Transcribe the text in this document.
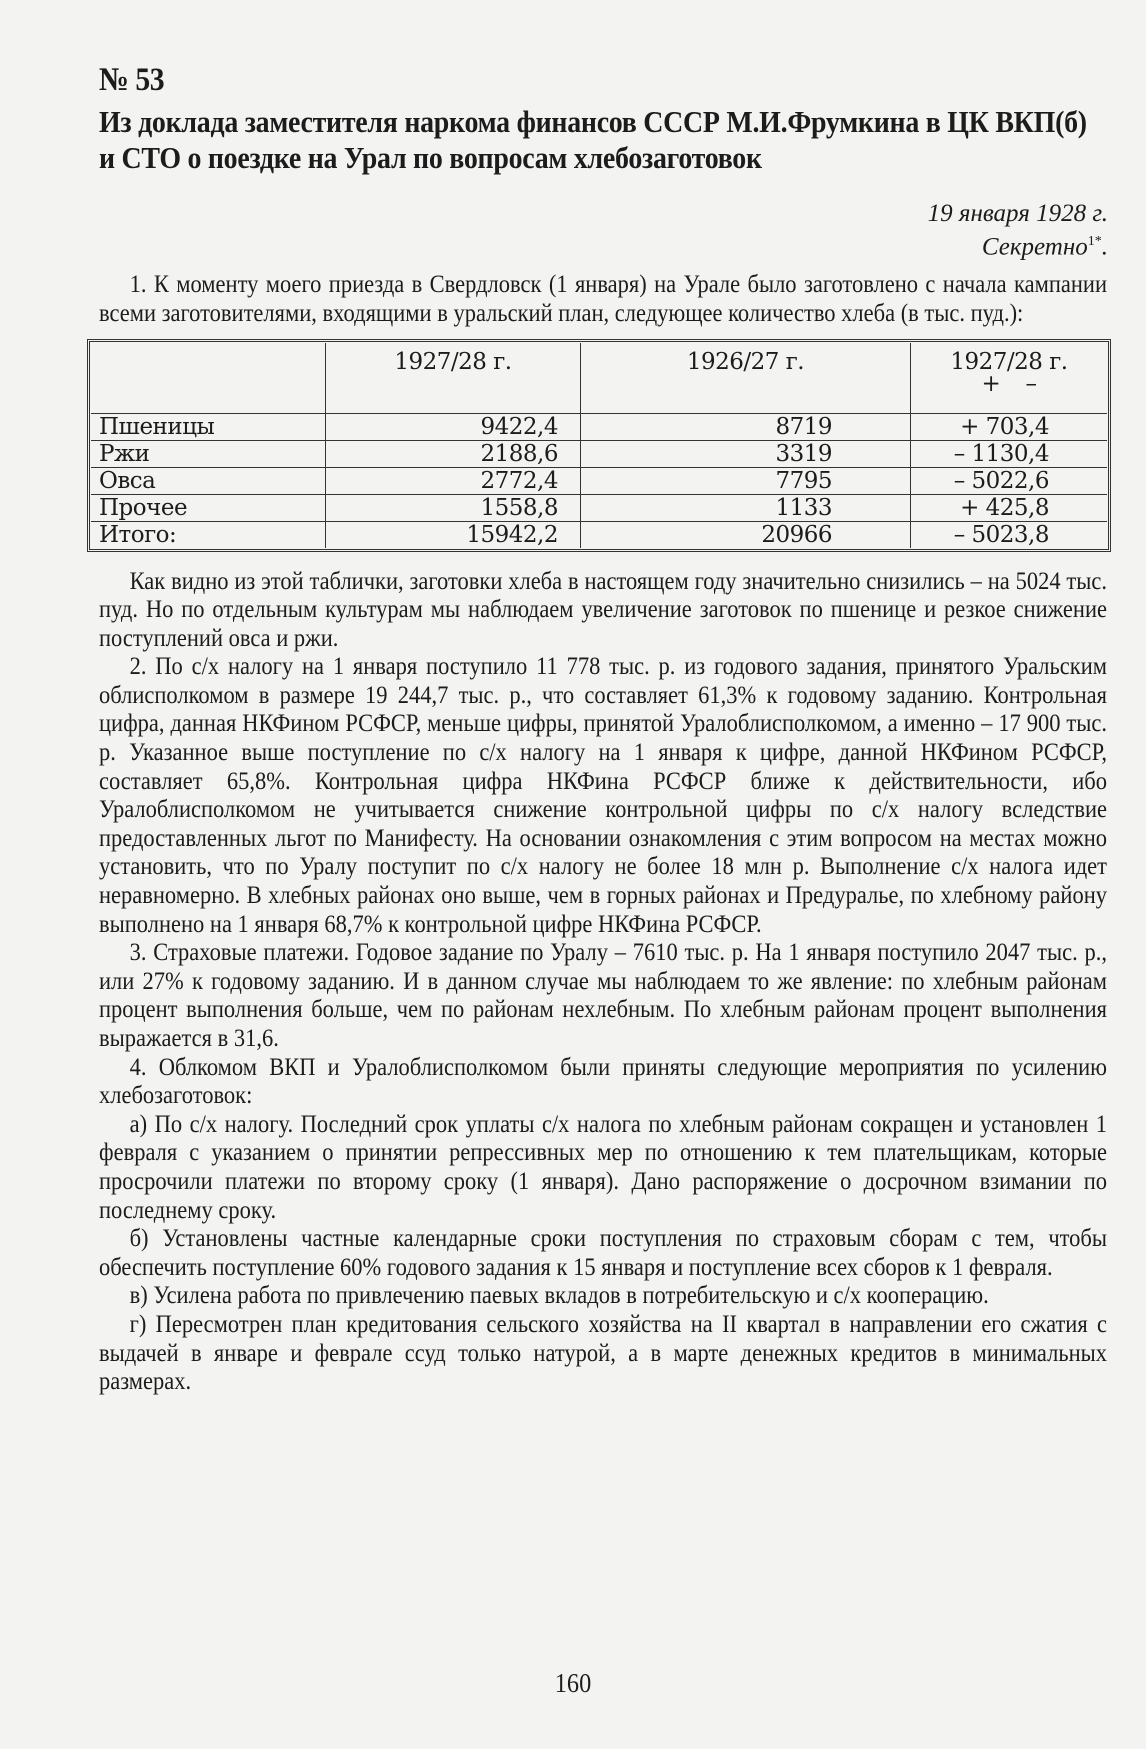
№ 53
Из доклада заместителя наркома финансов СССР М.И.Фрумкина в ЦК ВКП(б) и СТО о поездке на Урал по вопросам хлебозаготовок
19 января 1928 г.
Секретно$^{1*}$.

1. К моменту моего приезда в Свердловск (1 января) на Урале было заготовлено с начала кампании всеми заготовителями, входящими в уральский план, следующее количество хлеба (в тыс. пуд.):

	1927/28 г.	1926/27 г.	1927/28 г.
+ –

Пшеницы	9422,4	8719	+ 703,4
Ржи	2188,6	3319	– 1130,4
Овса	2772,4	7795	– 5022,6
Прочее	1558,8	1133	+ 425,8
Итого:	15942,2	20966	– 5023,8

Как видно из этой таблички, заготовки хлеба в настоящем году значительно снизились – на 5024 тыс. пуд. Но по отдельным культурам мы наблюдаем увеличение заготовок по пшенице и резкое снижение поступлений овса и ржи.

2. По с/х налогу на 1 января поступило 11 778 тыс. р. из годового задания, принятого Уральским облисполкомом в размере 19 244,7 тыс. р., что составляет 61,3% к годовому заданию. Контрольная цифра, данная НКФином РСФСР, меньше цифры, принятой Уралоблисполкомом, а именно – 17 900 тыс. р. Указанное выше поступление по с/х налогу на 1 января к цифре, данной НКФином РСФСР, составляет 65,8%. Контрольная цифра НКФина РСФСР ближе к действительности, ибо Уралоблисполкомом не учитывается снижение контрольной цифры по с/х налогу вследствие предоставленных льгот по Манифесту. На основании ознакомления с этим вопросом на местах можно установить, что по Уралу поступит по с/х налогу не более 18 млн р. Выполнение с/х налога идет неравномерно. В хлебных районах оно выше, чем в горных районах и Предуралье, по хлебному району выполнено на 1 января 68,7% к контрольной цифре НКФина РСФСР.

3. Страховые платежи. Годовое задание по Уралу – 7610 тыс. р. На 1 января поступило 2047 тыс. р., или 27% к годовому заданию. И в данном случае мы наблюдаем то же явление: по хлебным районам процент выполнения больше, чем по районам нехлебным. По хлебным районам процент выполнения выражается в 31,6.

4. Облкомом ВКП и Уралоблисполкомом были приняты следующие мероприятия по усилению хлебозаготовок:

а) По с/х налогу. Последний срок уплаты с/х налога по хлебным районам сокращен и установлен 1 февраля с указанием о принятии репрессивных мер по отношению к тем плательщикам, которые просрочили платежи по второму сроку (1 января). Дано распоряжение о досрочном взимании по последнему сроку.

б) Установлены частные календарные сроки поступления по страховым сборам с тем, чтобы обеспечить поступление 60% годового задания к 15 января и поступление всех сборов к 1 февраля.

в) Усилена работа по привлечению паевых вкладов в потребительскую и с/х кооперацию.

г) Пересмотрен план кредитования сельского хозяйства на II квартал в направлении его сжатия с выдачей в январе и феврале ссуд только натурой, а в марте денежных кредитов в минимальных размерах.

160
